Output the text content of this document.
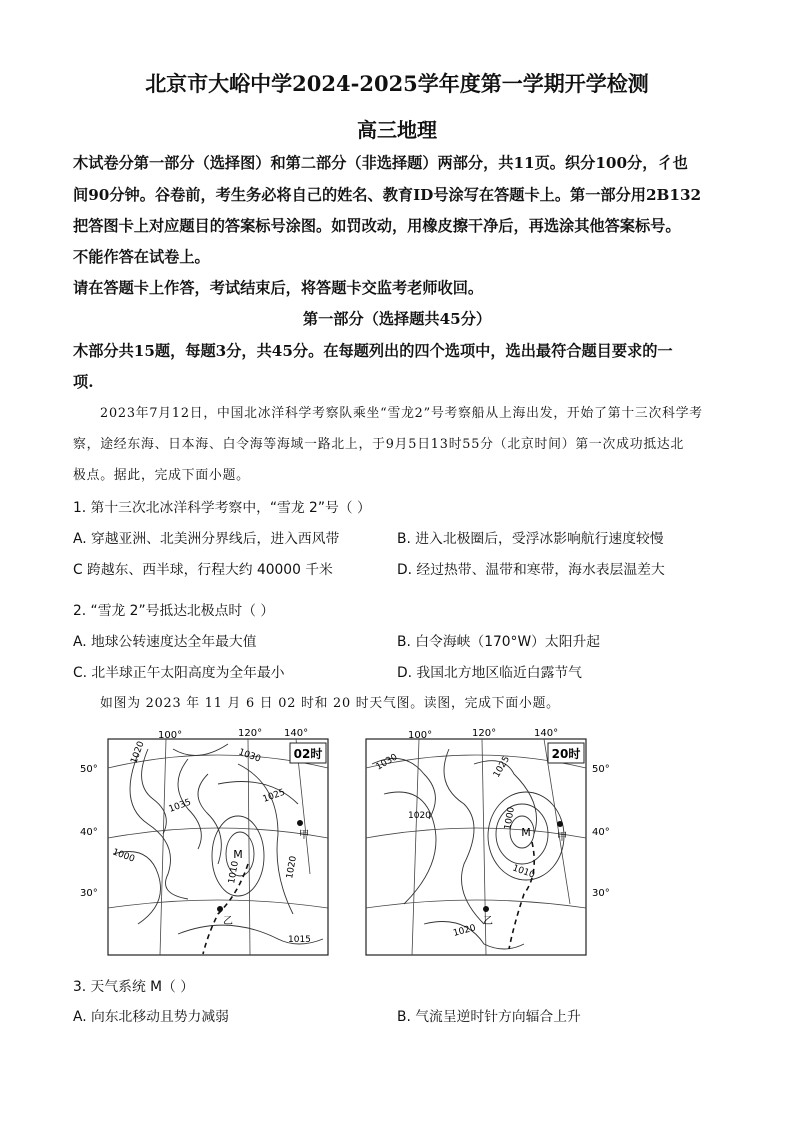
北京市大峪中学2024-2025学年度第一学期开学检测
高三地理
木试卷分第一部分（选择图）和第二部分（非选择题）两部分，共11页。织分100分，彳也
间90分钟。谷卷前，考生务必将自己的姓名、教育ID号涂写在答题卡上。第一部分用2B132
把答图卡上对应题目的答案标号涂图。如罚改动，用橡皮擦干净后，再选涂其他答案标号。
不能作答在试卷上。
请在答题卡上作答，考试结束后，将答题卡交监考老师收回。
第一部分（选择题共45分）
木部分共15题，每题3分，共45分。在每题列出的四个选项中，选出最符合题目要求的一
项.
2023年7月12日，中国北冰洋科学考察队乘坐“雪龙2”号考察船从上海出发，开始了第十三次科学考
察，途经东海、日本海、白令海等海域一路北上，于9月5日13时55分（北京时间）第一次成功抵达北
极点。据此，完成下面小题。
1. 第十三次北冰洋科学考察中，“雪龙 2”号（ ）
A. 穿越亚洲、北美洲分界线后，进入西风带	B. 进入北极圈后，受浮冰影响航行速度较慢
C 跨越东、西半球，行程大约 40000 千米	D. 经过热带、温带和寒带，海水表层温差大
2. “雪龙 2”号抵达北极点时（ ）
A. 地球公转速度达全年最大值	B. 白令海峡（170°W）太阳升起
C. 北半球正午太阳高度为全年最小	D. 我国北方地区临近白露节气
如图为 2023 年 11 月 6 日 02 时和 20 时天气图。读图，完成下面小题。
02时
100°	120° 140°
50°
40°
30°
1020	1030
1035
1025
1000
1010	1020
1015
M
甲
乙
20时
100°	120°	140°
50°
40°
30°
1030	1025
1020	1000
1010
1020
M	甲
乙
3. 天气系统 M（ ）
A. 向东北移动且势力减弱	B. 气流呈逆时针方向辐合上升
